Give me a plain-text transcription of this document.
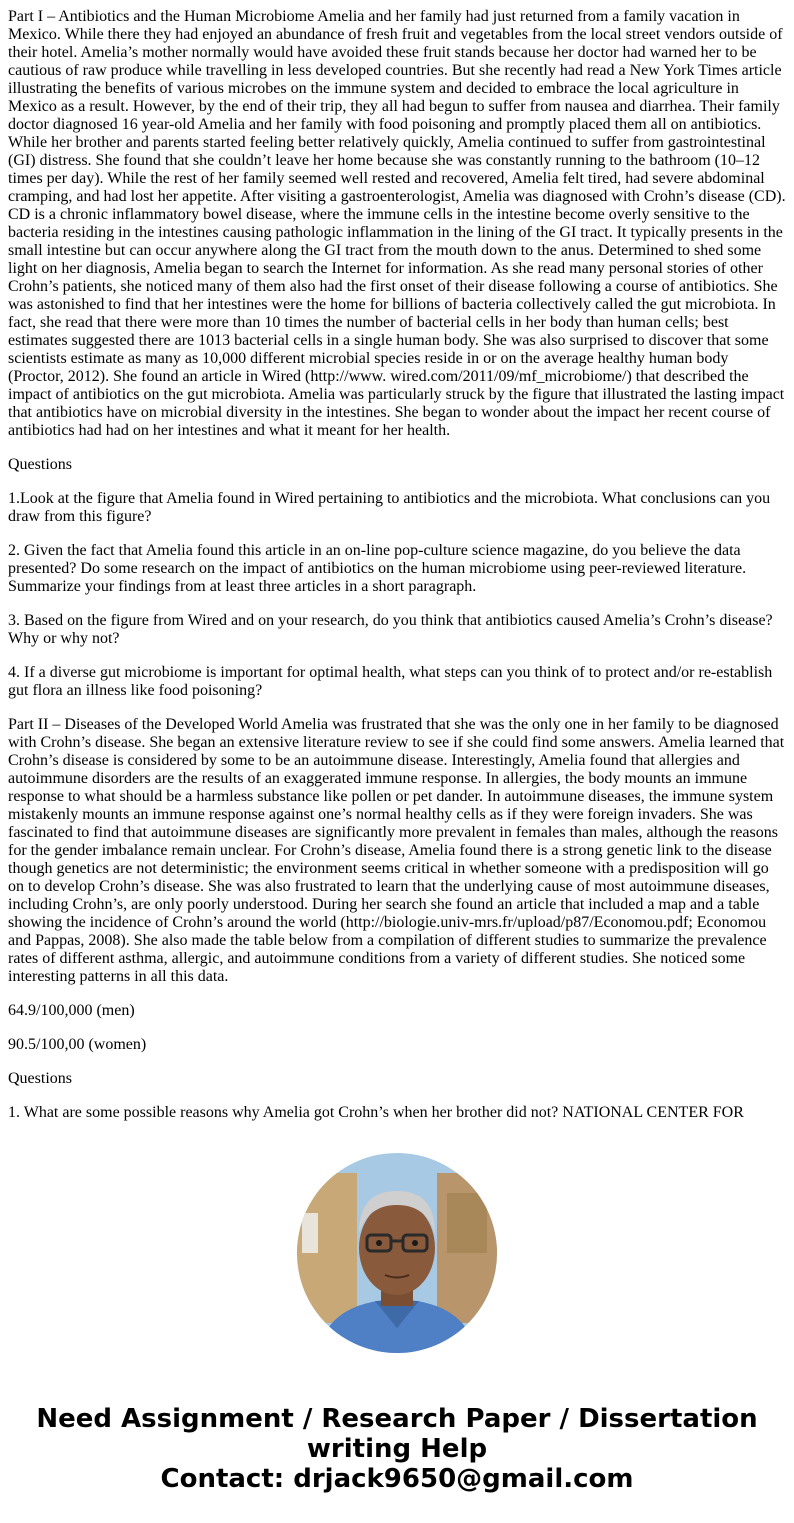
Part I – Antibiotics and the Human Microbiome Amelia and her family had just returned from a family vacation in Mexico. While there they had enjoyed an abundance of fresh fruit and vegetables from the local street vendors outside of their hotel. Amelia’s mother normally would have avoided these fruit stands because her doctor had warned her to be cautious of raw produce while travelling in less developed countries. But she recently had read a New York Times article illustrating the benefits of various microbes on the immune system and decided to embrace the local agriculture in Mexico as a result. However, by the end of their trip, they all had begun to suffer from nausea and diarrhea. Their family doctor diagnosed 16 year-old Amelia and her family with food poisoning and promptly placed them all on antibiotics. While her brother and parents started feeling better relatively quickly, Amelia continued to suffer from gastrointestinal (GI) distress. She found that she couldn’t leave her home because she was constantly running to the bathroom (10–12 times per day). While the rest of her family seemed well rested and recovered, Amelia felt tired, had severe abdominal cramping, and had lost her appetite. After visiting a gastroenterologist, Amelia was diagnosed with Crohn’s disease (CD). CD is a chronic inflammatory bowel disease, where the immune cells in the intestine become overly sensitive to the bacteria residing in the intestines causing pathologic inflammation in the lining of the GI tract. It typically presents in the small intestine but can occur anywhere along the GI tract from the mouth down to the anus. Determined to shed some light on her diagnosis, Amelia began to search the Internet for information. As she read many personal stories of other Crohn’s patients, she noticed many of them also had the first onset of their disease following a course of antibiotics. She was astonished to find that her intestines were the home for billions of bacteria collectively called the gut microbiota. In fact, she read that there were more than 10 times the number of bacterial cells in her body than human cells; best estimates suggested there are 1013 bacterial cells in a single human body. She was also surprised to discover that some scientists estimate as many as 10,000 different microbial species reside in or on the average healthy human body (Proctor, 2012). She found an article in Wired (http://www. wired.com/2011/09/mf_microbiome/) that described the impact of antibiotics on the gut microbiota. Amelia was particularly struck by the figure that illustrated the lasting impact that antibiotics have on microbial diversity in the intestines. She began to wonder about the impact her recent course of antibiotics had had on her intestines and what it meant for her health.

Questions

1.Look at the figure that Amelia found in Wired pertaining to antibiotics and the microbiota. What conclusions can you draw from this figure?

2. Given the fact that Amelia found this article in an on-line pop-culture science magazine, do you believe the data presented? Do some research on the impact of antibiotics on the human microbiome using peer-reviewed literature. Summarize your findings from at least three articles in a short paragraph.

3. Based on the figure from Wired and on your research, do you think that antibiotics caused Amelia’s Crohn’s disease? Why or why not?

4. If a diverse gut microbiome is important for optimal health, what steps can you think of to protect and/or re-establish gut flora an illness like food poisoning?

Part II – Diseases of the Developed World Amelia was frustrated that she was the only one in her family to be diagnosed with Crohn’s disease. She began an extensive literature review to see if she could find some answers. Amelia learned that Crohn’s disease is considered by some to be an autoimmune disease. Interestingly, Amelia found that allergies and autoimmune disorders are the results of an exaggerated immune response. In allergies, the body mounts an immune response to what should be a harmless substance like pollen or pet dander. In autoimmune diseases, the immune system mistakenly mounts an immune response against one’s normal healthy cells as if they were foreign invaders. She was fascinated to find that autoimmune diseases are significantly more prevalent in females than males, although the reasons for the gender imbalance remain unclear. For Crohn’s disease, Amelia found there is a strong genetic link to the disease though genetics are not deterministic; the environment seems critical in whether someone with a predisposition will go on to develop Crohn’s disease. She was also frustrated to learn that the underlying cause of most autoimmune diseases, including Crohn’s, are only poorly understood. During her search she found an article that included a map and a table showing the incidence of Crohn’s around the world (http://biologie.univ-mrs.fr/upload/p87/Economou.pdf; Economou and Pappas, 2008). She also made the table below from a compilation of different studies to summarize the prevalence rates of different asthma, allergic, and autoimmune conditions from a variety of different studies. She noticed some interesting patterns in all this data.

64.9/100,000 (men)

90.5/100,00 (women)

Questions

1. What are some possible reasons why Amelia got Crohn’s when her brother did not? NATIONAL CENTER FOR

Need Assignment / Research Paper / Dissertation
writing Help
Contact: drjack9650@gmail.com
